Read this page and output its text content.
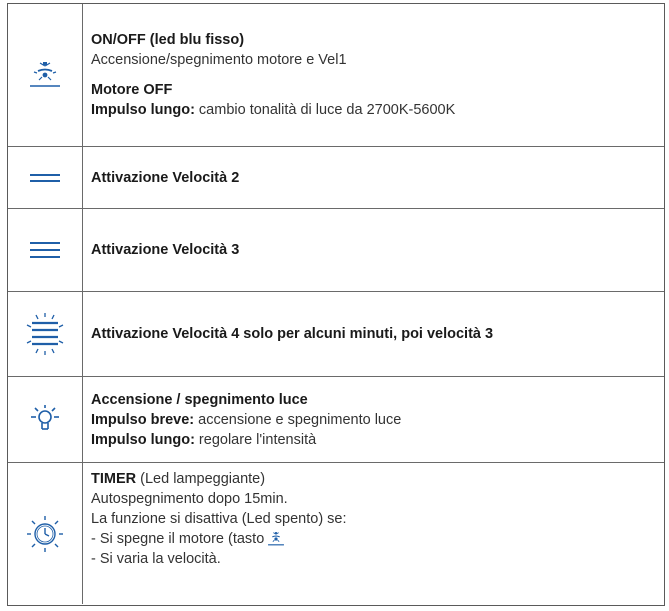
ON/OFF (led blu fisso)
Accensione/spegnimento motore e Vel1
Motore OFF
Impulso lungo: cambio tonalità di luce da 2700K-5600K
Attivazione Velocità 2
Attivazione Velocità 3
Attivazione Velocità 4 solo per alcuni minuti, poi velocità 3
Accensione / spegnimento luce
Impulso breve: accensione e spegnimento luce
Impulso lungo: regolare l'intensità
TIMER (Led lampeggiante)
Autospegnimento dopo 15min.
La funzione si disattiva (Led spento) se:
- Si spegne il motore (tasto
- Si varia la velocità.
